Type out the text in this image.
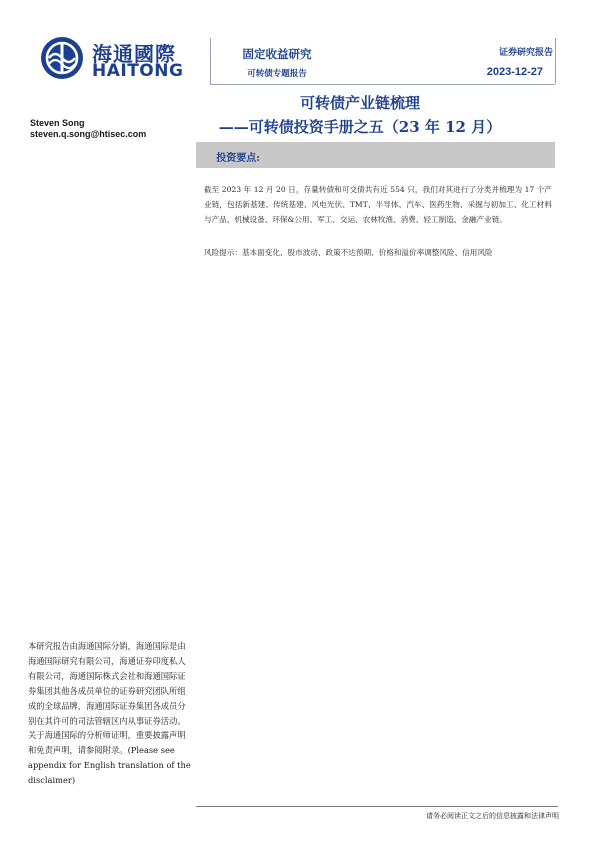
海通國際
HAITONG
固定收益研究
可转债专题报告
证券研究报告
2023-12-27
Steven Song
steven.q.song@htisec.com
可转债产业链梳理
——可转债投资手册之五（23 年 12 月）
投资要点:
截至 2023 年 12 月 20 日，存量转债和可交债共有近 554 只，我们对其进行了分类并梳理为 17 个产业链，包括新基建、传统基建、风电光伏、TMT、半导体、汽车、医药生物、采掘与初加工、化工材料与产品、机械设备、环保&公用、军工、交运、农林牧渔、消费、轻工制造、金融产业链。
风险提示：基本面变化、股市波动、政策不达预期、价格和溢价率调整风险、信用风险
本研究报告由海通国际分销，海通国际是由海通国际研究有限公司，海通证券印度私人有限公司，海通国际株式会社和海通国际证券集团其他各成员单位的证券研究团队所组成的全球品牌，海通国际证券集团各成员分别在其许可的司法管辖区内从事证券活动。关于海通国际的分析师证明，重要披露声明和免责声明，请参阅附录。(Please see appendix for English translation of the disclaimer)
请务必阅读正文之后的信息披露和法律声明
